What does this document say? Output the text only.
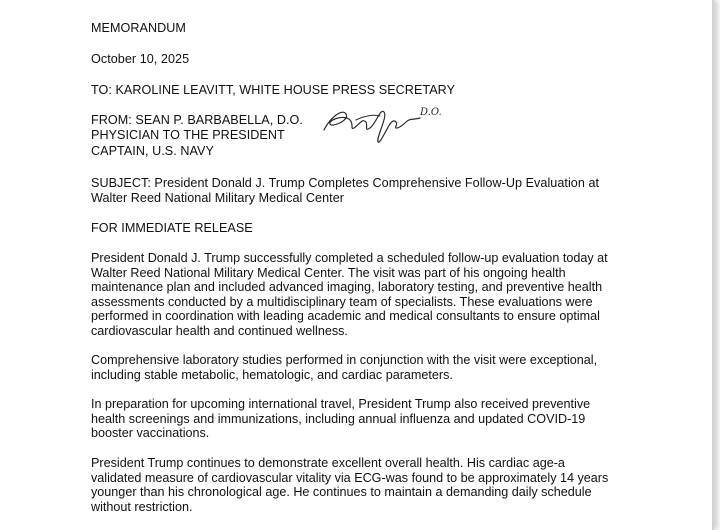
MEMORANDUM

October 10, 2025

TO: KAROLINE LEAVITT, WHITE HOUSE PRESS SECRETARY

FROM: SEAN P. BARBABELLA, D.O.

PHYSICIAN TO THE PRESIDENT

CAPTAIN, U.S. NAVY

D.O.

SUBJECT: President Donald J. Trump Completes Comprehensive Follow-Up Evaluation at

Walter Reed National Military Medical Center

FOR IMMEDIATE RELEASE

President Donald J. Trump successfully completed a scheduled follow-up evaluation today at
Walter Reed National Military Medical Center. The visit was part of his ongoing health
maintenance plan and included advanced imaging, laboratory testing, and preventive health
assessments conducted by a multidisciplinary team of specialists. These evaluations were
performed in coordination with leading academic and medical consultants to ensure optimal
cardiovascular health and continued wellness.
Comprehensive laboratory studies performed in conjunction with the visit were exceptional,
including stable metabolic, hematologic, and cardiac parameters.
In preparation for upcoming international travel, President Trump also received preventive
health screenings and immunizations, including annual influenza and updated COVID-19
booster vaccinations.
President Trump continues to demonstrate excellent overall health. His cardiac age-a
validated measure of cardiovascular vitality via ECG-was found to be approximately 14 years
younger than his chronological age. He continues to maintain a demanding daily schedule
without restriction.
